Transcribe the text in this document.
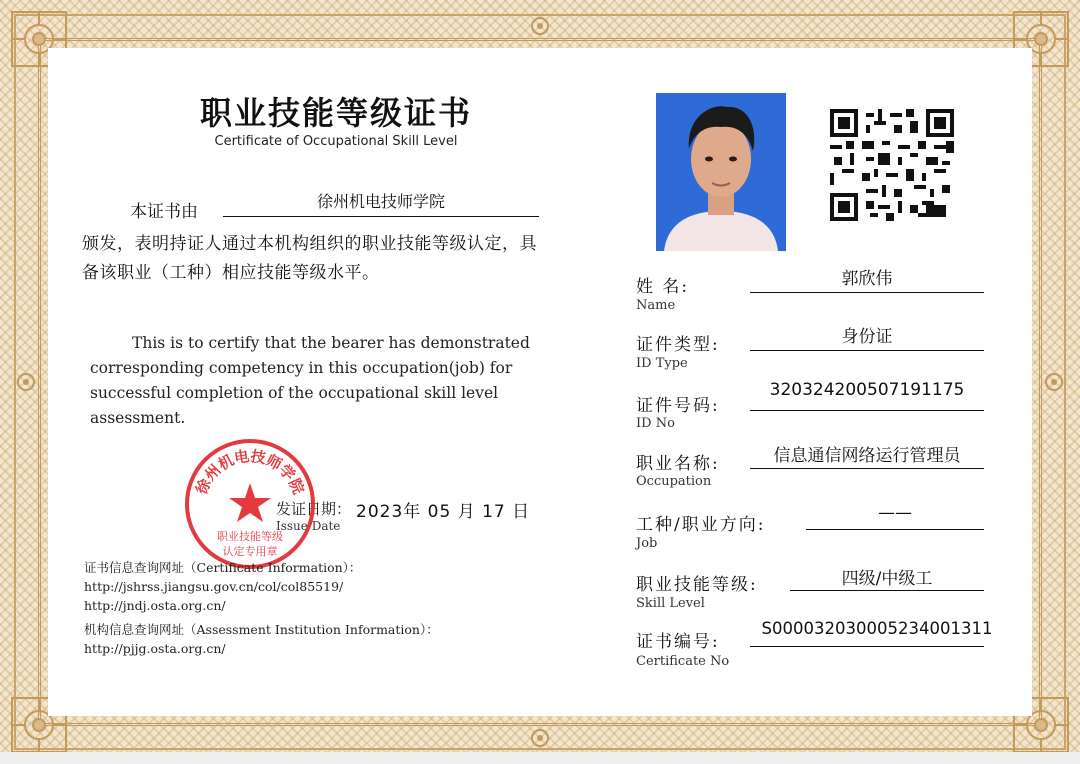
职业技能等级证书
Certificate of Occupational Skill Level
本证书由
徐州机电技师学院
颁发，表明持证人通过本机构组织的职业技能等级认定，具备该职业（工种）相应技能等级水平。
This is to certify that the bearer has demonstrated corresponding competency in this occupation(job) for successful completion of the occupational skill level assessment.
发证日期：
Issue Date
2023年 05 月 17 日
徐州机电技师学院
职业技能等级
认定专用章
证书信息查询网址（Certificate Information）：
http://jshrss.jiangsu.gov.cn/col/col85519/
http://jndj.osta.org.cn/
机构信息查询网址（Assessment Institution Information）：
http://pjjg.osta.org.cn/
姓 名:
Name
郭欣伟
证件类型:
ID Type
身份证
证件号码:
ID No
320324200507191175
职业名称:
Occupation
信息通信网络运行管理员
工种/职业方向:
Job
——
职业技能等级:
Skill Level
四级/中级工
证书编号:
Certificate No
S000032030005234001311
